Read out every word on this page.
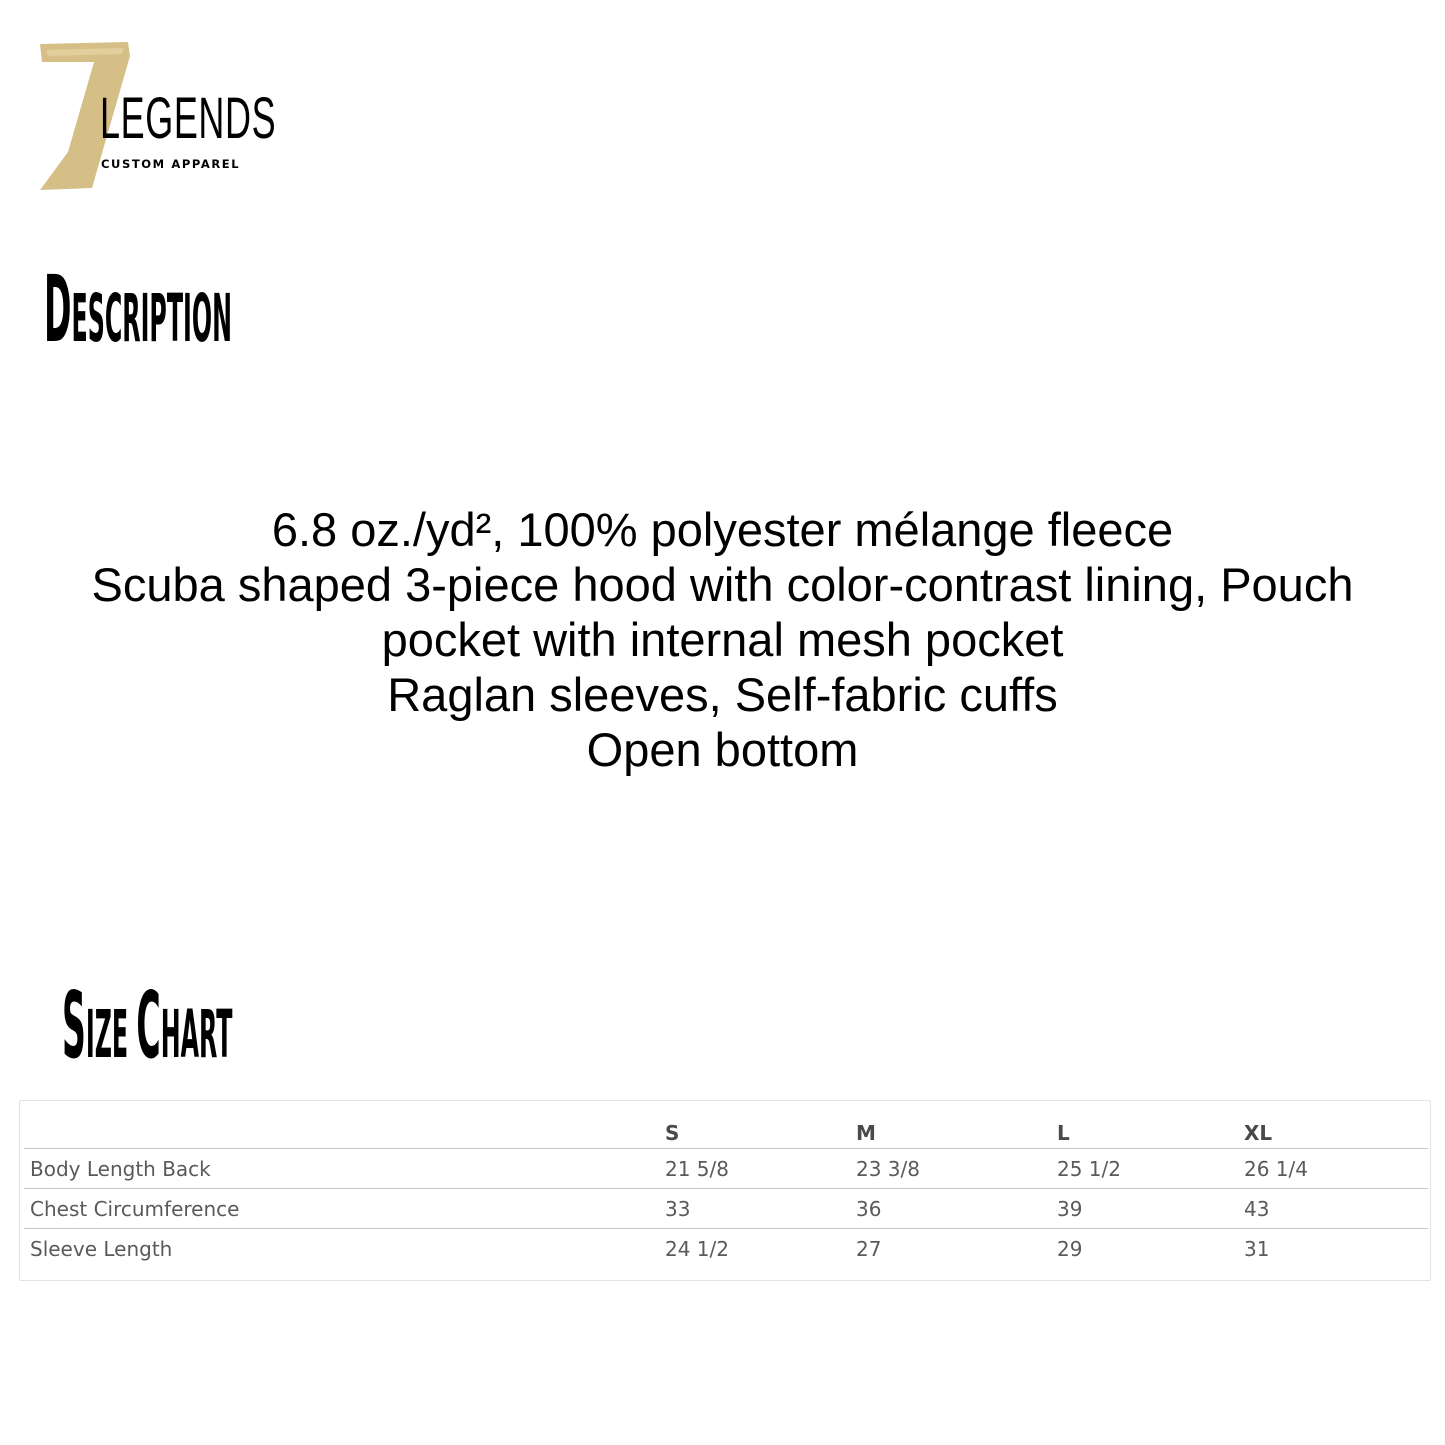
LEGENDS
CUSTOM APPAREL
DESCRIPTION

6.8 oz./yd², 100% polyester mélange fleece

Scuba shaped 3-piece hood with color-contrast lining, Pouch pocket with internal mesh pocket

Raglan sleeves, Self-fabric cuffs

Open bottom

SIZE CHART
	S	M	L	XL
Body Length Back	21 5/8	23 3/8	25 1/2	26 1/4
Chest Circumference	33	36	39	43
Sleeve Length	24 1/2	27	29	31
